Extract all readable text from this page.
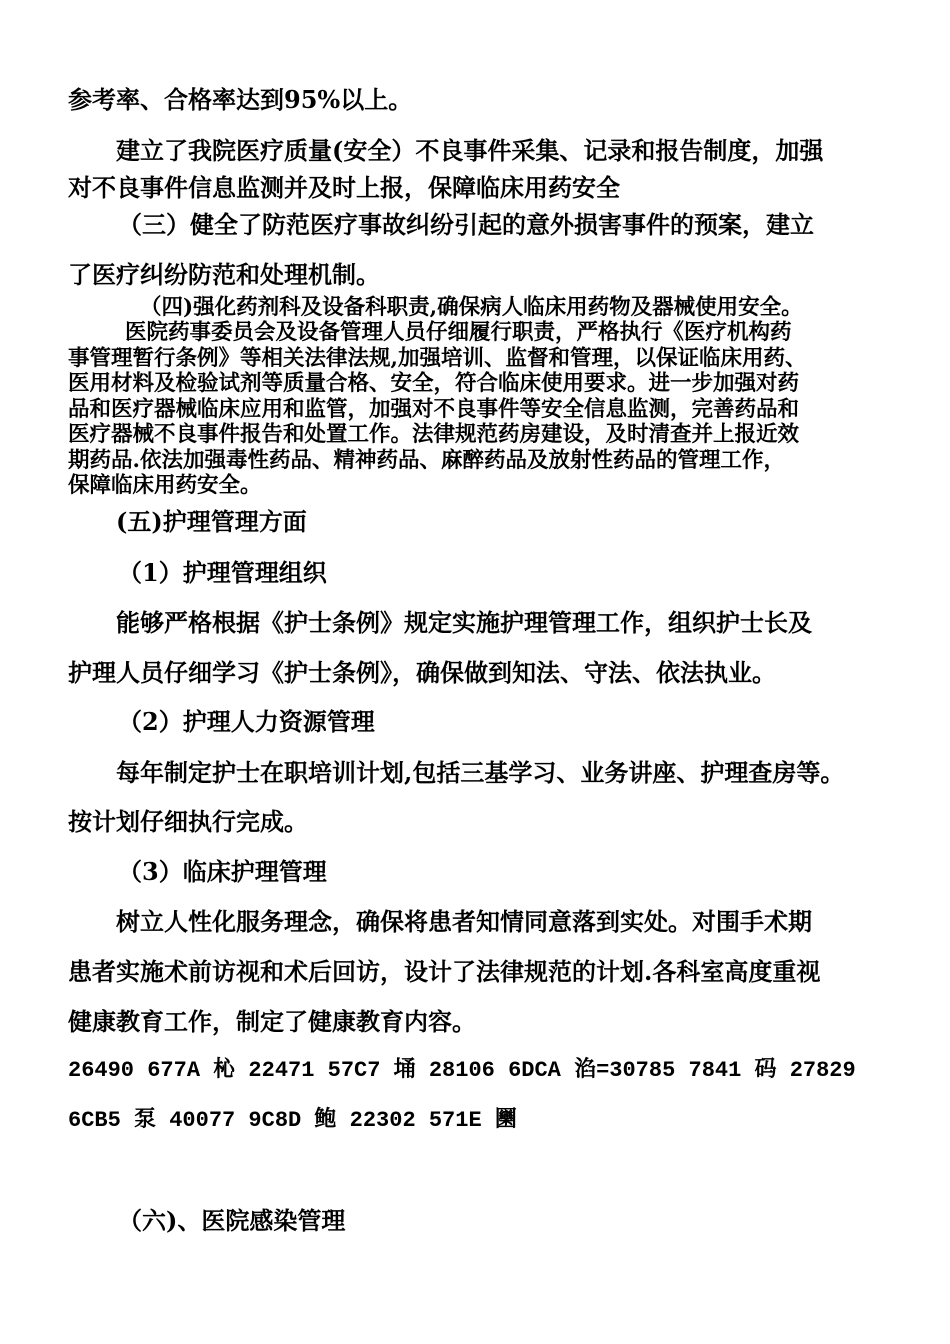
参考率、合格率达到95%以上。
建立了我院医疗质量(安全）不良事件采集、记录和报告制度，加强
对不良事件信息监测并及时上报，保障临床用药安全
（三）健全了防范医疗事故纠纷引起的意外损害事件的预案，建立
了医疗纠纷防范和处理机制。
（四)强化药剂科及设备科职责,确保病人临床用药物及器械使用安全。
医院药事委员会及设备管理人员仔细履行职责，严格执行《医疗机构药
事管理暂行条例》等相关法律法规,加强培训、监督和管理，以保证临床用药、
医用材料及检验试剂等质量合格、安全，符合临床使用要求。进一步加强对药
品和医疗器械临床应用和监管，加强对不良事件等安全信息监测，完善药品和
医疗器械不良事件报告和处置工作。法律规范药房建设，及时清查并上报近效
期药品.依法加强毒性药品、精神药品、麻醉药品及放射性药品的管理工作，
保障临床用药安全。
(五)护理管理方面
（1）护理管理组织
能够严格根据《护士条例》规定实施护理管理工作，组织护士长及
护理人员仔细学习《护士条例》，确保做到知法、守法、依法执业。
（2）护理人力资源管理
每年制定护士在职培训计划,包括三基学习、业务讲座、护理查房等。
按计划仔细执行完成。
（3）临床护理管理
树立人性化服务理念，确保将患者知情同意落到实处。对围手术期
患者实施术前访视和术后回访，设计了法律规范的计划.各科室高度重视
健康教育工作，制定了健康教育内容。
26490 677A 杺 22471 57C7 埇 28106 6DCA 淊=30785 7841 码 27829
6CB5 泵 40077 9C8D 鲍 22302 571E 圞
（六)、医院感染管理
